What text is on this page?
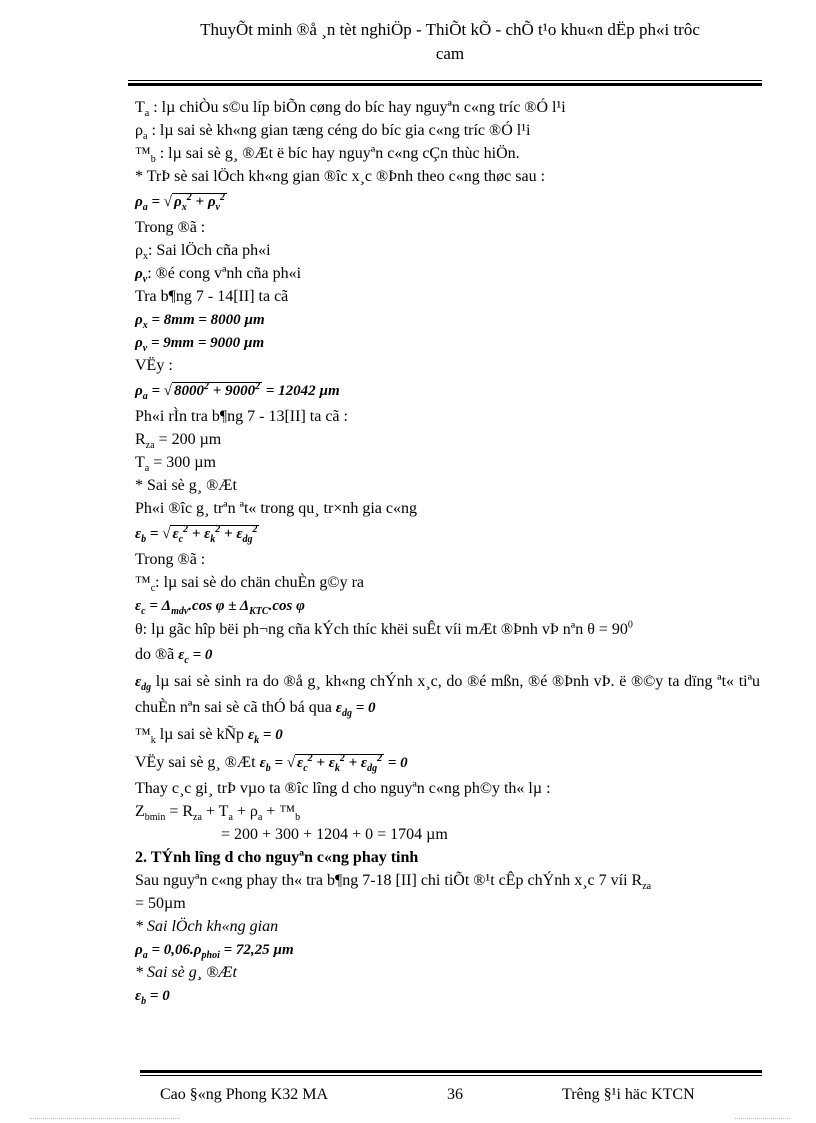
ThuyÕt minh ®å ¸n tèt nghiÖp - ThiÕt kÕ - chÕ t¹o khu«n dËp ph«i trôc
cam
$T_a$ : lµ chiÒu s©u líp biÕn cøng do bíc hay nguyªn c«ng tríc ®Ó l¹i
$\rho_a$ : lµ sai sè kh«ng gian tæng céng do bíc gia c«ng tríc ®Ó l¹i
$™_b$ : lµ sai sè g¸ ®Æt ë bíc hay nguyªn c«ng cÇn thùc hiÖn.
* TrÞ sè sai lÖch kh«ng gian ®îc x¸c ®Þnh theo c«ng thøc sau :
$\rho_a$ = √ $\rho_x^2 + \rho_v^2$
Trong ®ã :
$\rho_x$: Sai lÖch cña ph«i
$\rho_v$: ®é cong vªnh cña ph«i
Tra b¶ng 7 - 14[II] ta cã
$\rho_x = 8mm = 8000$ µm
$\rho_v = 9mm = 9000$ µm
VËy :
$\rho_a$ = √ $8000^2 + 9000^2 = 12042$ µm
Ph«i rÌn tra b¶ng 7 - 13[II] ta cã :
$R_{za} = 200$ µm
$T_a = 300$ µm
* Sai sè g¸ ®Æt
Ph«i ®îc g¸ trªn ªt« trong qu¸ tr×nh gia c«ng
$\varepsilon_b$ = √ $\varepsilon_c^2 + \varepsilon_k^2 + \varepsilon_{dg}^2$
Trong ®ã :
$™_c$: lµ sai sè do chän chuÈn g©y ra
$\varepsilon_c = \Delta_{mdv}.\cos$ $\varphi \pm \Delta_{KTC}.\cos$ φ
θ: lµ gãc hîp bëi ph¬ng cña kÝch thíc khëi suÊt víi mÆt ®Þnh vÞ nªn $\theta = 90^0$
do ®ã $\varepsilon_c = 0$
$\varepsilon_{dg}$ lµ sai sè sinh ra do ®å g¸ kh«ng chÝnh x¸c, do ®é mßn, ®é ®Þnh vÞ. ë ®©y ta dïng ªt« tiªu chuÈn nªn sai sè cã thÓ bá qua $\varepsilon_{dg} = 0$
$™_k$ lµ sai sè kÑp $\varepsilon_k = 0$
VËy sai sè g¸ ®Æt $\varepsilon_b$ = √ $\varepsilon_c^2 + \varepsilon_k^2 + \varepsilon_{dg}^2 = 0$
Thay c¸c gi¸ trÞ vµo ta ®îc lîng d cho nguyªn c«ng ph©y th« lµ :
$Z_{bmin} = R_{za} + T_a + \rho_a$ + $™_b$
= 200 + 300 + 1204 + 0 = 1704 µm
2. TÝnh lîng d cho nguyªn c«ng phay tinh
Sau nguyªn c«ng phay th« tra b¶ng 7-18 [II] chi tiÕt ®¹t cÊp chÝnh x¸c 7 víi $R_{za}$
= 50µm
* Sai lÖch kh«ng gian
$\rho_a = 0,06.\rho_{phoi} = 72,25$ µm
* Sai sè g¸ ®Æt
$\varepsilon_b = 0$
Cao §«ng Phong K32 MA	36	Trêng §¹i häc KTCN
